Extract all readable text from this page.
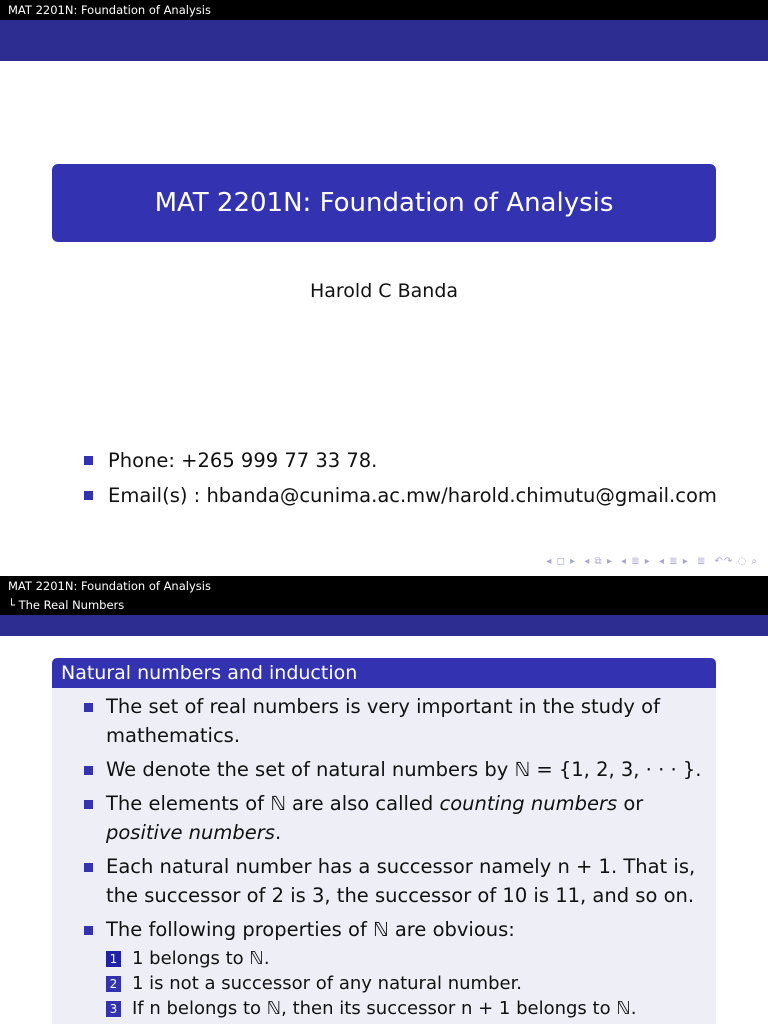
MAT 2201N: Foundation of Analysis
MAT 2201N: Foundation of Analysis
Harold C Banda
Phone: +265 999 77 33 78.
Email(s) : hbanda@cunima.ac.mw/harold.chimutu@gmail.com
◂ ◻ ▸ ◂ ⧉ ▸ ◂ ≣ ▸ ◂ ≣ ▸ ≣ ↶↷ ◌ ⌕
MAT 2201N: Foundation of Analysis
└ The Real Numbers
Natural numbers and induction
The set of real numbers is very important in the study of mathematics.
We denote the set of natural numbers by ℕ = {1, 2, 3, · · · }.
The elements of ℕ are also called counting numbers or positive numbers.
Each natural number has a successor namely n + 1. That is, the successor of 2 is 3, the successor of 10 is 11, and so on.
The following properties of ℕ are obvious:
1 1 belongs to ℕ.
2 1 is not a successor of any natural number.
3 If n belongs to ℕ, then its successor n + 1 belongs to ℕ.
